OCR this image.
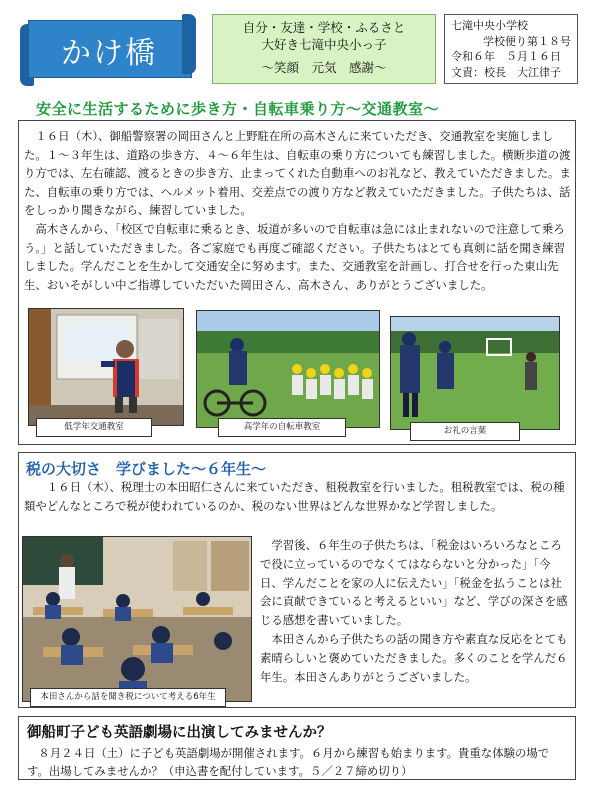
かけ橋
自分・友達・学校・ふるさと
大好き七滝中央小っ子
～笑顔　元気　感謝～
七滝中央小学校
学校便り第１８号
令和６年　５月１６日
文責：校長　大江律子
安全に生活するために歩き方・自転車乗り方～交通教室～

１６日（木）、御船警察署の岡田さんと上野駐在所の高木さんに来ていただき、交通教室を実施しました。１～３年生は、道路の歩き方、４～６年生は、自転車の乗り方についても練習しました。横断歩道の渡り方では、左右確認、渡るときの歩き方、止まってくれた自動車へのお礼など、教えていただきました。また、自転車の乗り方では、ヘルメット着用、交差点での渡り方など教えていただきました。子供たちは、話をしっかり聞きながら、練習していました。

高木さんから、「校区で自転車に乗るとき、坂道が多いので自転車は急には止まれないので注意して乗ろう。」と話していただきました。各ご家庭でも再度ご確認ください。子供たちはとても真剣に話を聞き練習しました。学んだことを生かして交通安全に努めます。また、交通教室を計画し、打合せを行った東山先生、おいそがしい中ご指導していただいた岡田さん、高木さん、ありがとうございました。

低学年交通教室	高学年の自転車教室	お礼の言葉
税の大切さ　学びました～６年生～

１６日（木）、税理士の本田昭仁さんに来ていただき、租税教室を行いました。租税教室では、税の種類やどんなところで税が使われているのか、税のない世界はどんな世界かなど学習しました。

本田さんから話を聞き税について考える6年生

学習後、６年生の子供たちは、「税金はいろいろなところで役に立っているのでなくてはならないと分かった」「今日、学んだことを家の人に伝えたい」「税金を払うことは社会に貢献できていると考えるといい」など、学びの深さを感じる感想を書いていました。

本田さんから子供たちの話の聞き方や素直な反応をとても素晴らしいと褒めていただきました。多くのことを学んだ６年生。本田さんありがとうございました。

御船町子ども英語劇場に出演してみませんか？
８月２４日（土）に子ども英語劇場が開催されます。６月から練習も始まります。貴重な体験の場です。出場してみませんか？（申込書を配付しています。５／２７締め切り）
